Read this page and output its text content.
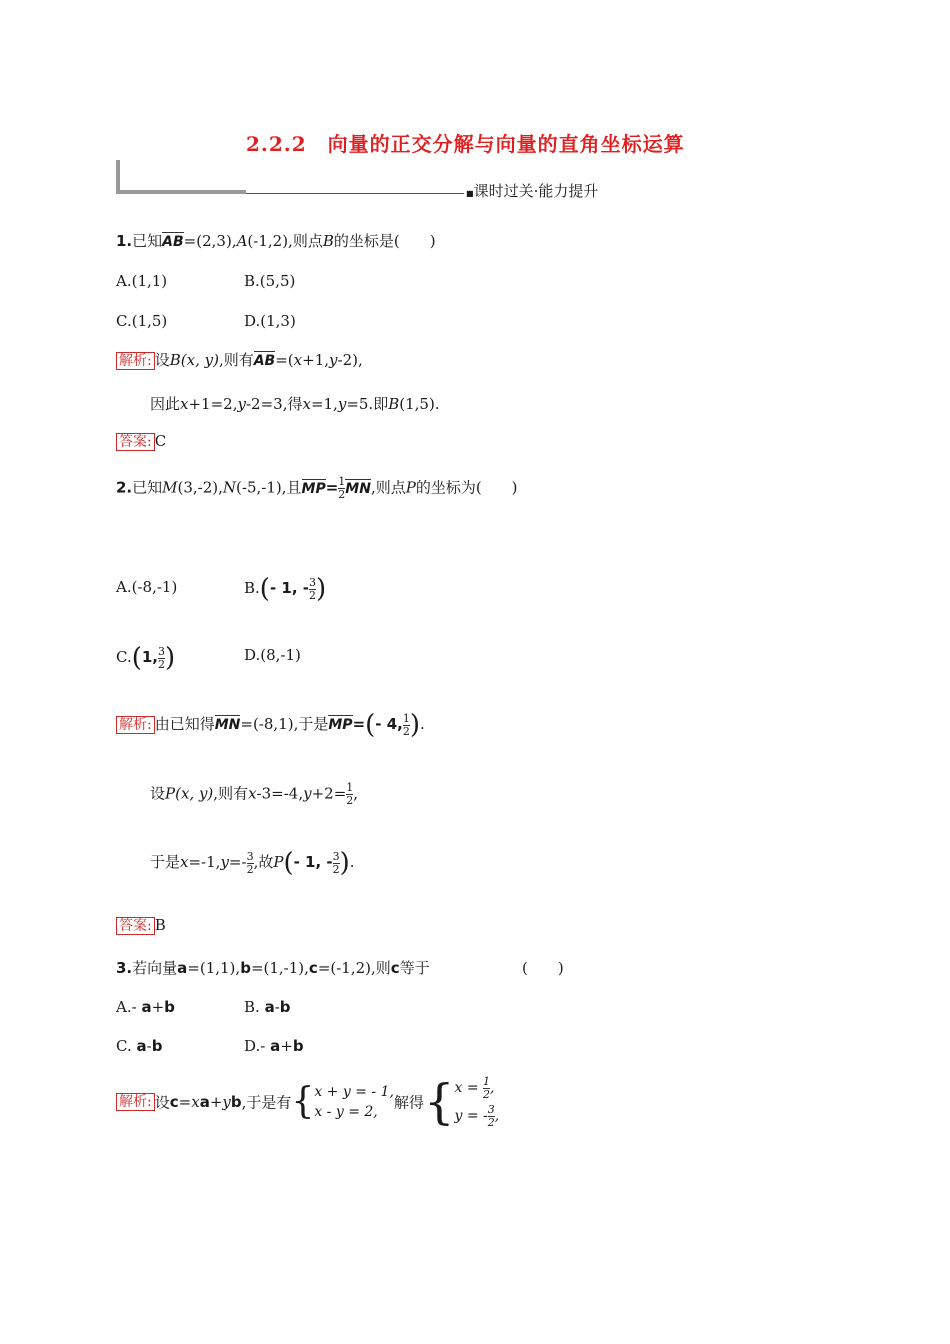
2.2.2　向量的正交分解与向量的直角坐标运算
■课时过关·能力提升
1.已知AB=(2,3),A(-1,2),则点B的坐标是(　　)
A.(1,1)	B.(5,5)
C.(1,5)	D.(1,3)
解析: 设B(x, y),则有AB=(x+1,y-2),
因此x+1=2,y-2=3,得x=1,y=5.即B(1,5).
答案: C
2.已知M(3,-2),N(-5,-1),且$MP= \frac{1}{2}$ MN,则点P的坐标为(　　)
A.(-8,-1)	B.(- 1, - $\frac{3}{2}$ )
C.(1, $\frac{3}{2}$ )	D.(8,-1)
解析: 由已知得MN=(-8,1),于是MP=(- 4, $\frac{1}{2}$ ).
设P(x, y),则有$x-3=-4,y+2= \frac{1}{2}$ ,
于是$x=-1,y=- \frac{3}{2}$ ,故P(- 1, - $\frac{3}{2}$ ).
答案: B
3.若向量a=(1,1),b=(1,-1),c=(-1,2),则c等于	(　　)
A.- a+b	B. a-b
C. a-b	D.- a+b
解析: 设c=xa+yb,于是有{ x + y = - 1,
x - y = 2,
解得{ $x = \frac{1}{2}$ ,
y = - $\frac{3}{2}$ ,
